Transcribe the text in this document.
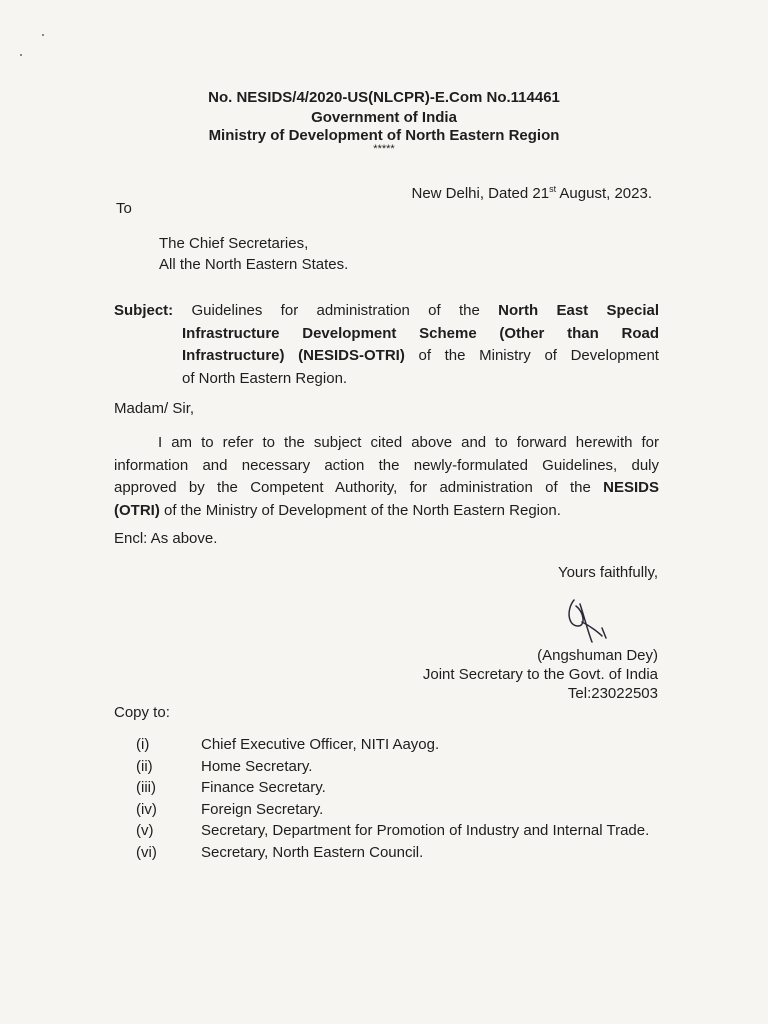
No. NESIDS/4/2020-US(NLCPR)-E.Com No.114461
Government of India
Ministry of Development of North Eastern Region
*****
New Delhi, Dated 21st August, 2023.
To
The Chief Secretaries,
All the North Eastern States.
Subject: Guidelines for administration of the North East Special
Infrastructure Development Scheme (Other than Road
Infrastructure) (NESIDS-OTRI) of the Ministry of Development
of North Eastern Region.
Madam/ Sir,
I am to refer to the subject cited above and to forward herewith for
information and necessary action the newly-formulated Guidelines, duly
approved by the Competent Authority, for administration of the NESIDS
(OTRI) of the Ministry of Development of the North Eastern Region.
Encl: As above.
Yours faithfully,
(Angshuman Dey)
Joint Secretary to the Govt. of India
Tel:23022503
Copy to:
(i)	Chief Executive Officer, NITI Aayog.
(ii)	Home Secretary.
(iii)	Finance Secretary.
(iv)	Foreign Secretary.
(v)	Secretary, Department for Promotion of Industry and Internal Trade.
(vi)	Secretary, North Eastern Council.
